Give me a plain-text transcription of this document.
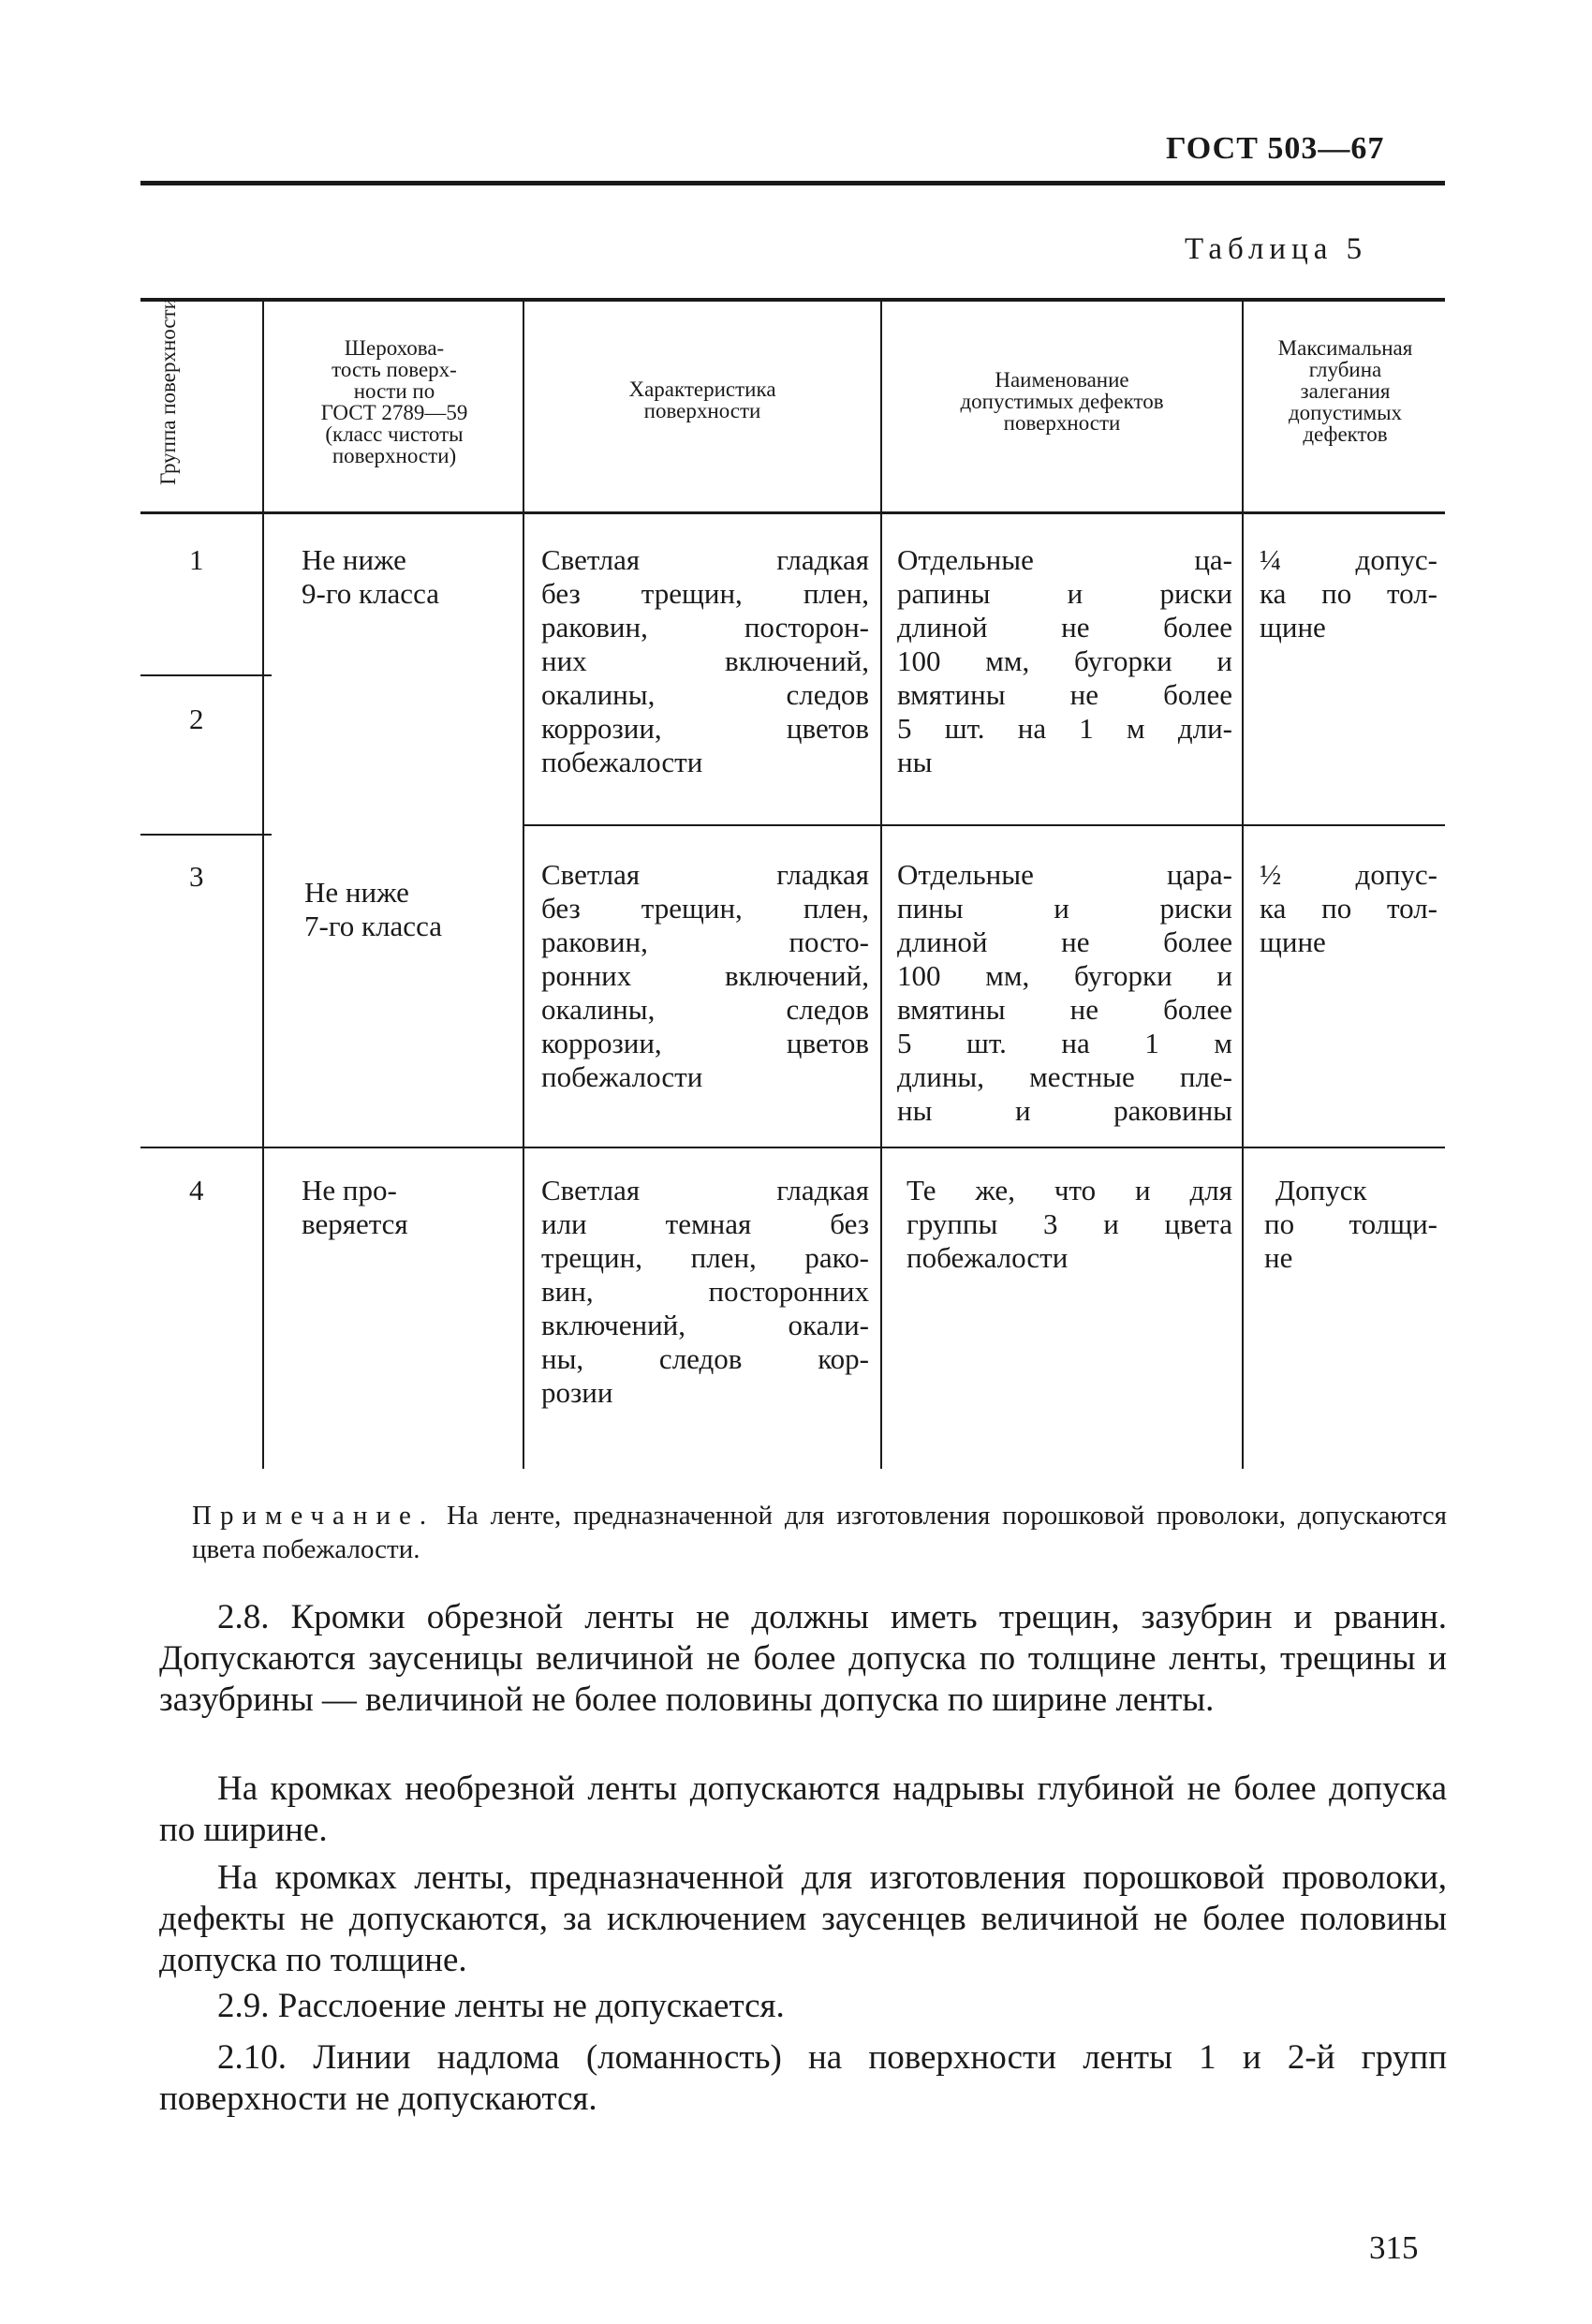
ГОСТ 503—67
Таблица 5
Группа поверхности	Шерохова-
тость поверх-
ности по
ГОСТ 2789—59
(класс чистоты
поверхности)
Характеристика
поверхности
Наименование
допустимых дефектов
поверхности
Максимальная
глубина
залегания
допустимых
дефектов
1
2
3
4
Не ниже
9-го класса
Светлая гладкая
без трещин, плен,
раковин, посторон-
них включений,
окалины, следов
коррозии, цветов
побежалости
Отдельные ца-
рапины и риски
длиной не более
100 мм, бугорки и
вмятины не более
5 шт. на 1 м дли-
ны
¼ допус-
ка по тол-
щине
Не ниже
7-го класса
Светлая гладкая
без трещин, плен,
раковин, посто-
ронних включений,
окалины, следов
коррозии, цветов
побежалости
Отдельные цара-
пины и риски
длиной не более
100 мм, бугорки и
вмятины не более
5 шт. на 1 м
длины, местные пле-
ны и раковины
½ допус-
ка по тол-
щине
Не про-
веряется
Светлая гладкая
или темная без
трещин, плен, рако-
вин, посторонних
включений, окали-
ны, следов кор-
розии
Те же, что и для
группы 3 и цвета
побежалости
Допуск
по толщи-
не
Примечание. На ленте, предназначенной для изготовления порошковой проволоки, допускаются цвета побежалости.
2.8. Кромки обрезной ленты не должны иметь трещин, зазубрин и рванин. Допускаются заусеницы величиной не более допуска по толщине ленты, трещины и зазубрины — величиной не более половины допуска по ширине ленты.
На кромках необрезной ленты допускаются надрывы глубиной не более допуска по ширине.
На кромках ленты, предназначенной для изготовления порошковой проволоки, дефекты не допускаются, за исключением заусенцев величиной не более половины допуска по толщине.
2.9. Расслоение ленты не допускается.
2.10. Линии надлома (ломанность) на поверхности ленты 1 и 2-й групп поверхности не допускаются.
315
